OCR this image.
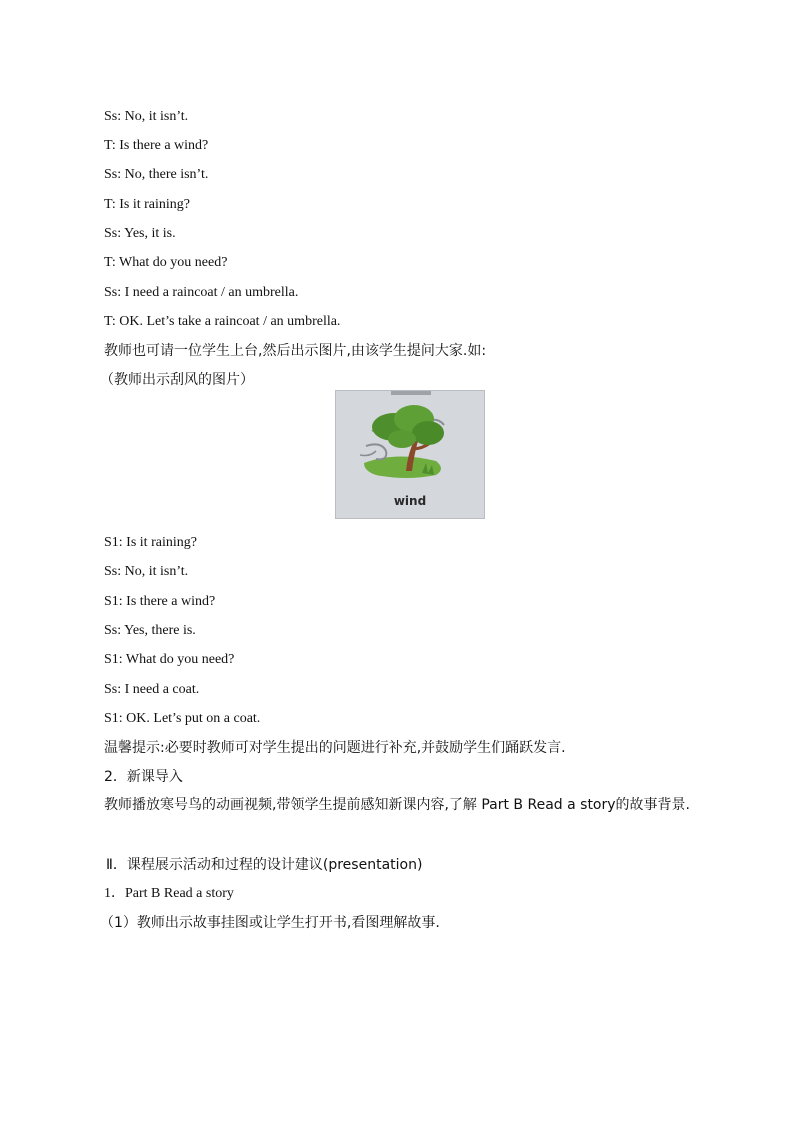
Ss: No, it isn’t.
T: Is there a wind?
Ss: No, there isn’t.
T: Is it raining?
Ss: Yes, it is.
T: What do you need?
Ss: I need a raincoat / an umbrella.
T: OK. Let’s take a raincoat / an umbrella.
教师也可请一位学生上台,然后出示图片,由该学生提问大家.如:
（教师出示刮风的图片）
wind
S1: Is it raining?
Ss: No, it isn’t.
S1: Is there a wind?
Ss: Yes, there is.
S1: What do you need?
Ss: I need a coat.
S1: OK. Let’s put on a coat.
温馨提示:必要时教师可对学生提出的问题进行补充,并鼓励学生们踊跃发言.
2．新课导入
教师播放寒号鸟的动画视频,带领学生提前感知新课内容,了解 Part B Read a story的故事背景.
Ⅱ．课程展示活动和过程的设计建议(presentation)
1．Part B Read a story
（1）教师出示故事挂图或让学生打开书,看图理解故事.
